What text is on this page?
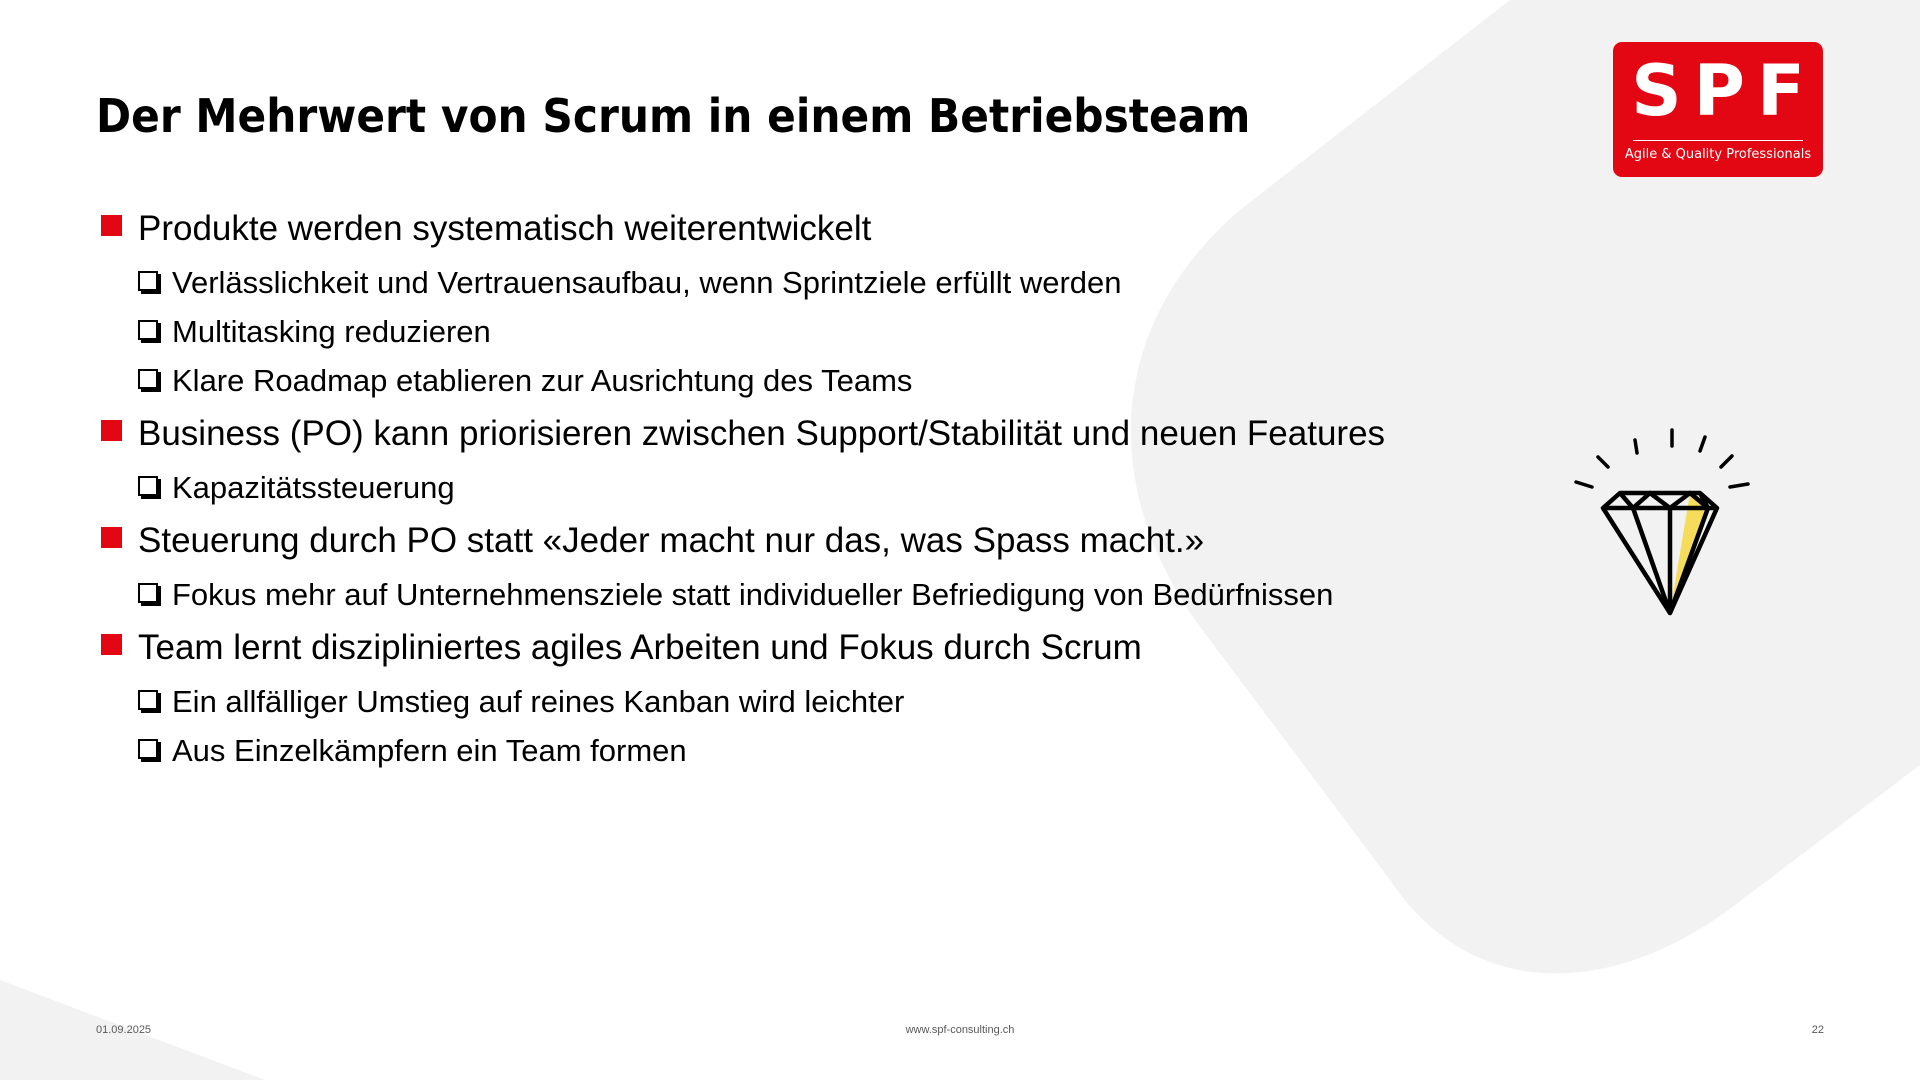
SPF
Agile & Quality Professionals
Der Mehrwert von Scrum in einem Betriebsteam
Produkte werden systematisch weiterentwickelt
Verlässlichkeit und Vertrauensaufbau, wenn Sprintziele erfüllt werden
Multitasking reduzieren
Klare Roadmap etablieren zur Ausrichtung des Teams
Business (PO) kann priorisieren zwischen Support/Stabilität und neuen Features
Kapazitätssteuerung
Steuerung durch PO statt «Jeder macht nur das, was Spass macht.»
Fokus mehr auf Unternehmensziele statt individueller Befriedigung von Bedürfnissen
Team lernt diszipliniertes agiles Arbeiten und Fokus durch Scrum
Ein allfälliger Umstieg auf reines Kanban wird leichter
Aus Einzelkämpfern ein Team formen
01.09.2025	www.spf-consulting.ch	22
